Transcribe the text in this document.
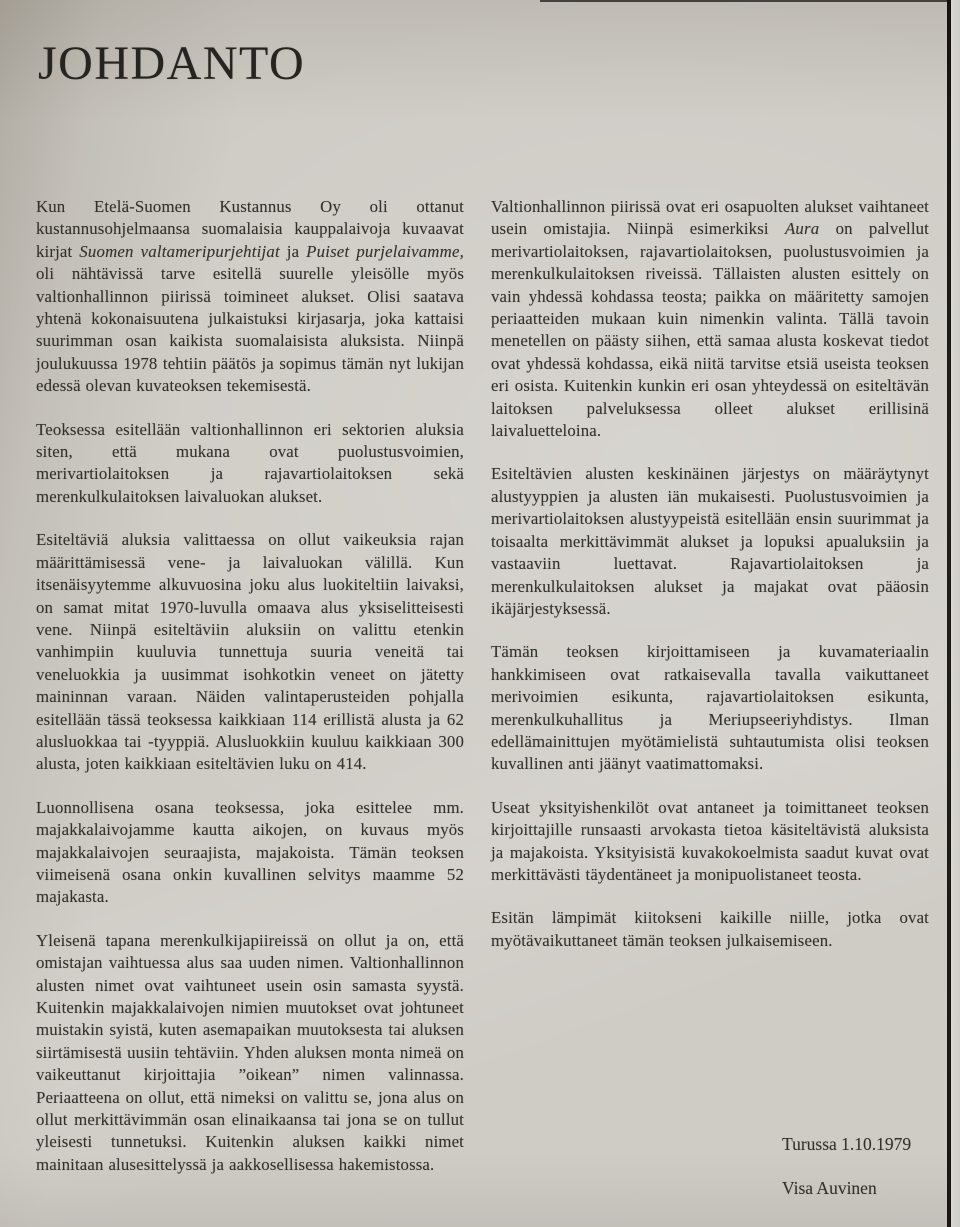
JOHDANTO

Kun Etelä-Suomen Kustannus Oy oli ottanut kustannusohjelmaansa suomalaisia kauppalaivoja kuvaavat kirjat Suomen valtameripurjehtijat ja Puiset purjelaivamme, oli nähtävissä tarve esitellä suurelle yleisölle myös valtionhallinnon piirissä toimineet alukset. Olisi saatava yhtenä kokonaisuutena julkaistuksi kirjasarja, joka kattaisi suurimman osan kaikista suomalaisista aluksista. Niinpä joulukuussa 1978 tehtiin päätös ja sopimus tämän nyt lukijan edessä olevan kuvateoksen tekemisestä.

Teoksessa esitellään valtionhallinnon eri sektorien aluksia siten, että mukana ovat puolustusvoimien, merivartiolaitoksen ja rajavartiolaitoksen sekä merenkulkulaitoksen laivaluokan alukset.

Esiteltäviä aluksia valittaessa on ollut vaikeuksia rajan määrittämisessä vene- ja laivaluokan välillä. Kun itsenäisyytemme alkuvuosina joku alus luokiteltiin laivaksi, on samat mitat 1970-luvulla omaava alus yksiselitteisesti vene. Niinpä esiteltäviin aluksiin on valittu etenkin vanhimpiin kuuluvia tunnettuja suuria veneitä tai veneluokkia ja uusimmat isohkotkin veneet on jätetty maininnan varaan. Näiden valintaperusteiden pohjalla esitellään tässä teoksessa kaikkiaan 114 erillistä alusta ja 62 alusluokkaa tai -tyyppiä. Alusluokkiin kuuluu kaikkiaan 300 alusta, joten kaikkiaan esiteltävien luku on 414.

Luonnollisena osana teoksessa, joka esittelee mm. majakkalaivojamme kautta aikojen, on kuvaus myös majakkalaivojen seuraajista, majakoista. Tämän teoksen viimeisenä osana onkin kuvallinen selvitys maamme 52 majakasta.

Yleisenä tapana merenkulkijapiireissä on ollut ja on, että omistajan vaihtuessa alus saa uuden nimen. Valtionhallinnon alusten nimet ovat vaihtuneet usein osin samasta syystä. Kuitenkin majakkalaivojen nimien muutokset ovat johtuneet muistakin syistä, kuten asemapaikan muutoksesta tai aluksen siirtämisestä uusiin tehtäviin. Yhden aluksen monta nimeä on vaikeuttanut kirjoittajia ”oikean” nimen valinnassa. Periaatteena on ollut, että nimeksi on valittu se, jona alus on ollut merkittävimmän osan elinaikaansa tai jona se on tullut yleisesti tunnetuksi. Kuitenkin aluksen kaikki nimet mainitaan alusesittelyssä ja aakkosellisessa hakemistossa.

Valtionhallinnon piirissä ovat eri osapuolten alukset vaihtaneet usein omistajia. Niinpä esimerkiksi Aura on palvellut merivartiolaitoksen, rajavartiolaitoksen, puolustusvoimien ja merenkulkulaitoksen riveissä. Tällaisten alusten esittely on vain yhdessä kohdassa teosta; paikka on määritetty samojen periaatteiden mukaan kuin nimenkin valinta. Tällä tavoin menetellen on päästy siihen, että samaa alusta koskevat tiedot ovat yhdessä kohdassa, eikä niitä tarvitse etsiä useista teoksen eri osista. Kuitenkin kunkin eri osan yhteydessä on esiteltävän laitoksen palveluksessa olleet alukset erillisinä laivaluetteloina.

Esiteltävien alusten keskinäinen järjestys on määräytynyt alustyyppien ja alusten iän mukaisesti. Puolustusvoimien ja merivartiolaitoksen alustyypeistä esitellään ensin suurimmat ja toisaalta merkittävimmät alukset ja lopuksi apualuksiin ja vastaaviin luettavat. Rajavartiolaitoksen ja merenkulkulaitoksen alukset ja majakat ovat pääosin ikäjärjestyksessä.

Tämän teoksen kirjoittamiseen ja kuvamateriaalin hankkimiseen ovat ratkaisevalla tavalla vaikuttaneet merivoimien esikunta, rajavartiolaitoksen esikunta, merenkulkuhallitus ja Meriupseeriyhdistys. Ilman edellämainittujen myötämielistä suhtautumista olisi teoksen kuvallinen anti jäänyt vaatimattomaksi.

Useat yksityishenkilöt ovat antaneet ja toimittaneet teoksen kirjoittajille runsaasti arvokasta tietoa käsiteltävistä aluksista ja majakoista. Yksityisistä kuvakokoelmista saadut kuvat ovat merkittävästi täydentäneet ja monipuolistaneet teosta.

Esitän lämpimät kiitokseni kaikille niille, jotka ovat myötävaikuttaneet tämän teoksen julkaisemiseen.

Turussa 1.10.1979
Visa Auvinen
